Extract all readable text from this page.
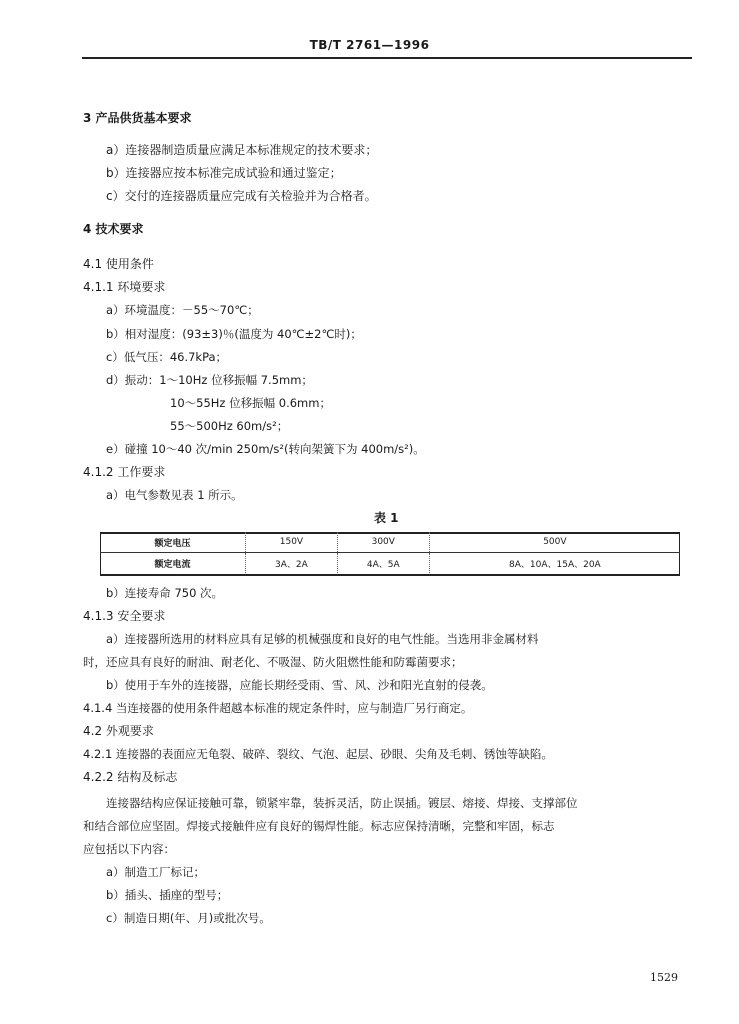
TB/T 2761—1996
3 产品供货基本要求
a）连接器制造质量应满足本标准规定的技术要求；
b）连接器应按本标准完成试验和通过鉴定；
c）交付的连接器质量应完成有关检验并为合格者。
4 技术要求
4.1 使用条件
4.1.1 环境要求
a）环境温度：－55～70℃；
b）相对湿度：(93±3)％(温度为 40℃±2℃时)；
c）低气压：46.7kPa；
d）振动：1～10Hz 位移振幅 7.5mm；
10～55Hz 位移振幅 0.6mm；
55～500Hz 60m/s²；
e）碰撞 10～40 次/min 250m/s²(转向架簧下为 400m/s²)。
4.1.2 工作要求
a）电气参数见表 1 所示。
表 1
额定电压	150V	300V	500V
额定电流	3A、2A	4A、5A	8A、10A、15A、20A
b）连接寿命 750 次。
4.1.3 安全要求
a）连接器所选用的材料应具有足够的机械强度和良好的电气性能。当选用非金属材料
时，还应具有良好的耐油、耐老化、不吸湿、防火阻燃性能和防霉菌要求；
b）使用于车外的连接器，应能长期经受雨、雪、风、沙和阳光直射的侵袭。
4.1.4 当连接器的使用条件超越本标准的规定条件时，应与制造厂另行商定。
4.2 外观要求
4.2.1 连接器的表面应无龟裂、破碎、裂纹、气泡、起层、砂眼、尖角及毛刺、锈蚀等缺陷。
4.2.2 结构及标志
连接器结构应保证接触可靠，锁紧牢靠，装拆灵活，防止误插。镀层、熔接、焊接、支撑部位
和结合部位应坚固。焊接式接触件应有良好的锡焊性能。标志应保持清晰，完整和牢固，标志
应包括以下内容：
a）制造工厂标记；
b）插头、插座的型号；
c）制造日期(年、月)或批次号。
1529
